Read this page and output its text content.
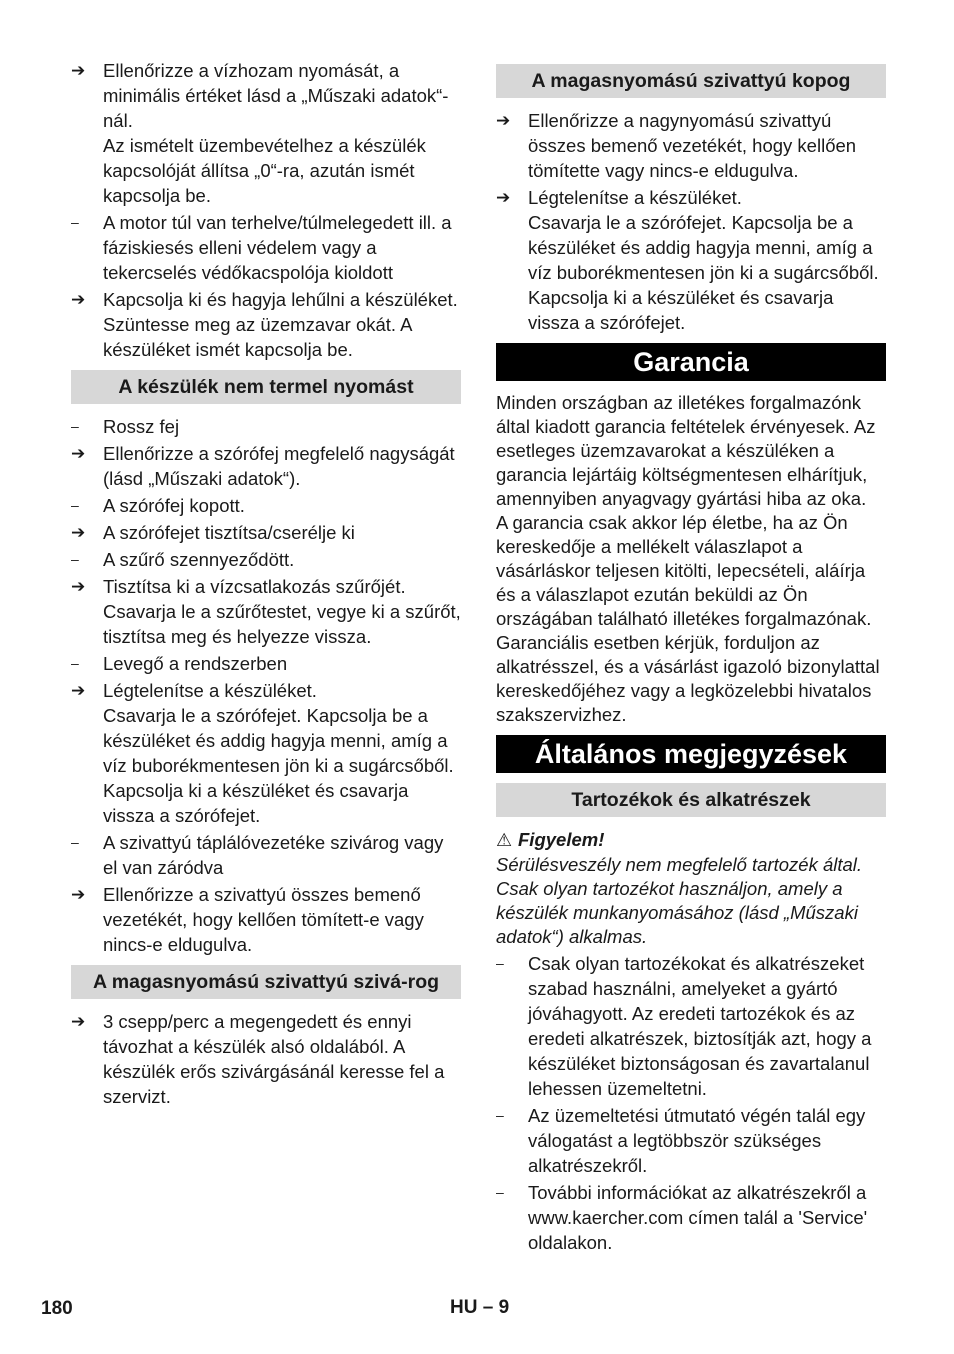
➔ Ellenőrizze a vízhozam nyomását, a minimális értéket lásd a „Műszaki adatok“-nál.
Az ismételt üzembevételhez a készülék kapcsolóját állítsa „0“-ra, azután ismét kapcsolja be.
–	A motor túl van terhelve/túlmelegedett ill. a fáziskiesés elleni védelem vagy a tekercselés védőkacspolója kioldott
➔ Kapcsolja ki és hagyja lehűlni a készüléket. Szüntesse meg az üzemzavar okát. A készüléket ismét kapcsolja be.
A készülék nem termel nyomást
–	Rossz fej
➔ Ellenőrizze a szórófej megfelelő nagyságát (lásd „Műszaki adatok“).
–	A szórófej kopott.
➔ A szórófejet tisztítsa/cserélje ki
–	A szűrő szennyeződött.
➔ Tisztítsa ki a vízcsatlakozás szűrőjét.
Csavarja le a szűrőtestet, vegye ki a szűrőt, tisztítsa meg és helyezze vissza.
–	Levegő a rendszerben
➔ Légtelenítse a készüléket.
Csavarja le a szórófejet. Kapcsolja be a készüléket és addig hagyja menni, amíg a víz buborékmentesen jön ki a sugárcsőből. Kapcsolja ki a készüléket és csavarja vissza a szórófejet.
–	A szivattyú táplálóvezetéke szivárog vagy el van záródva
➔ Ellenőrizze a szivattyú összes bemenő vezetékét, hogy kellően tömített-e vagy nincs-e eldugulva.
A magasnyomású szivattyú szivá-rog
➔ 3 csepp/perc a megengedett és ennyi távozhat a készülék alsó oldalából. A készülék erős szivárgásánál keresse fel a szervizt.
A magasnyomású szivattyú kopog
➔ Ellenőrizze a nagynyomású szivattyú összes bemenő vezetékét, hogy kellően tömítette vagy nincs-e eldugulva.
➔ Légtelenítse a készüléket.
Csavarja le a szórófejet. Kapcsolja be a készüléket és addig hagyja menni, amíg a víz buborékmentesen jön ki a sugárcsőből. Kapcsolja ki a készüléket és csavarja vissza a szórófejet.
Garancia
Minden országban az illetékes forgalmazónk által kiadott garancia feltételek érvényesek. Az esetleges üzemzavarokat a készüléken a garancia lejártáig költségmentesen elhárítjuk, amennyiben anyagvagy gyártási hiba az oka.
A garancia csak akkor lép életbe, ha az Ön kereskedője a mellékelt válaszlapot a vásárláskor teljesen kitölti, lepecsételi, aláírja és a válaszlapot ezután beküldi az Ön országában található illetékes forgalmazónak.
Garanciális esetben kérjük, forduljon az alkatrésszel, és a vásárlást igazoló bizonylattal kereskedőjéhez vagy a legközelebbi hivatalos szakszervizhez.
Általános megjegyzések
Tartozékok és alkatrészek
⚠ Figyelem!
Sérülésveszély nem megfelelő tartozék által. Csak olyan tartozékot használjon, amely a készülék munkanyomásához (lásd „Műszaki adatok“) alkalmas.
–	Csak olyan tartozékokat és alkatrészeket szabad használni, amelyeket a gyártó jóváhagyott. Az eredeti tartozékok és az eredeti alkatrészek, biztosítják azt, hogy a készüléket biztonságosan és zavartalanul lehessen üzemeltetni.
–	Az üzemeltetési útmutató végén talál egy válogatást a legtöbbször szükséges alkatrészekről.
–	További információkat az alkatrészekről a www.kaercher.com címen talál a 'Service' oldalakon.
180	HU – 9
